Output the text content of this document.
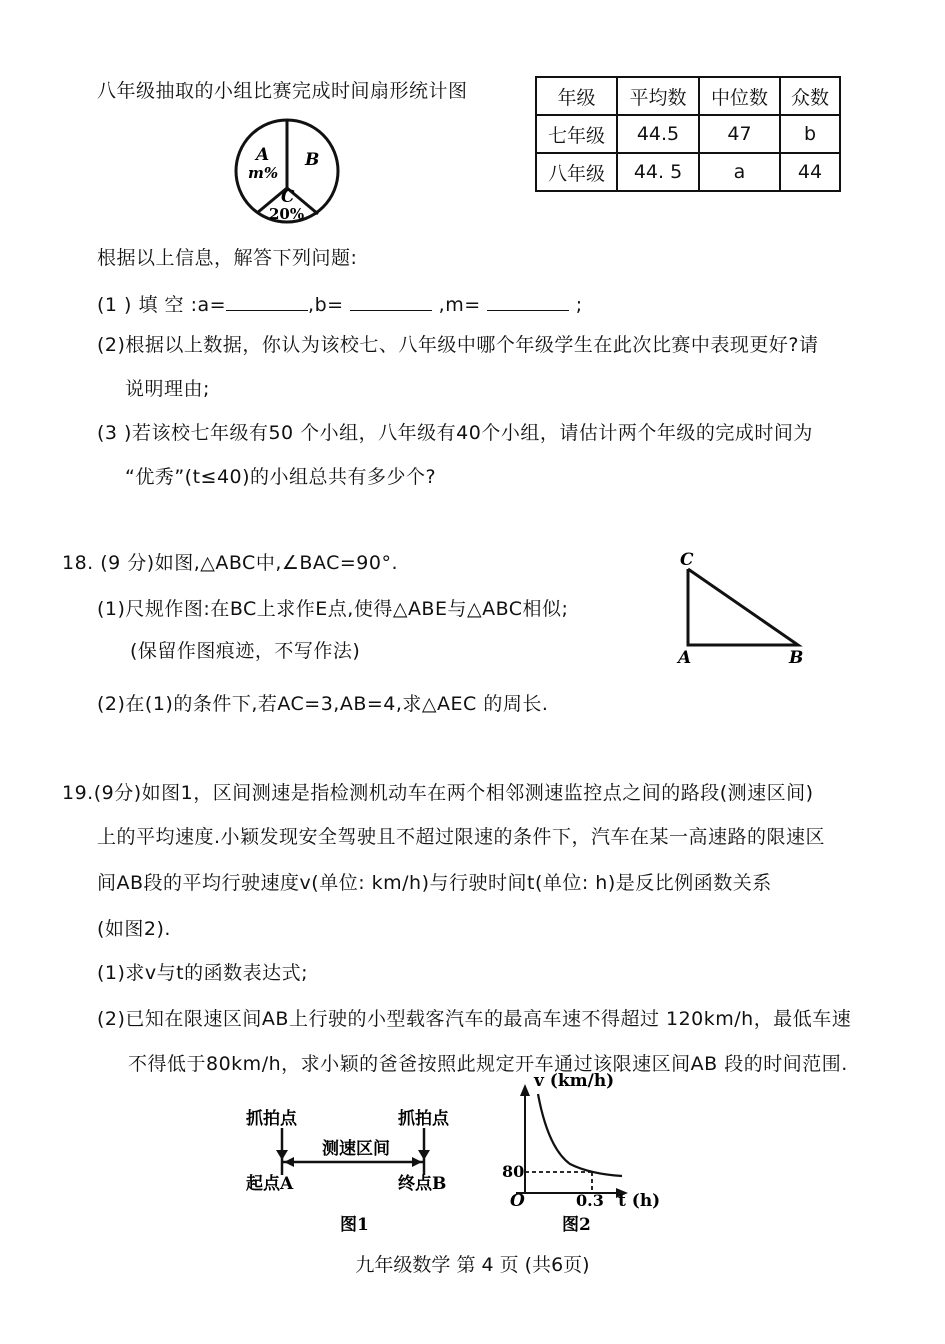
八年级抽取的小组比赛完成时间扇形统计图
A
m%
B
C
20%
年级	平均数	中位数	众数
七年级	44.5	47	b
八年级	44. 5	a	44
根据以上信息，解答下列问题:
(1 ) 填 空 :a=	,b=	,m=	;
(2)根据以上数据，你认为该校七、八年级中哪个年级学生在此次比赛中表现更好?请
说明理由;
(3 )若该校七年级有50 个小组，八年级有40个小组，请估计两个年级的完成时间为
“优秀”(t≤40)的小组总共有多少个?
18. (9 分)如图,△ABC中,∠BAC=90°.
(1)尺规作图:在BC上求作E点,使得△ABE与△ABC相似;
(保留作图痕迹，不写作法)
(2)在(1)的条件下,若AC=3,AB=4,求△AEC 的周长.
C
A	B
19.(9分)如图1，区间测速是指检测机动车在两个相邻测速监控点之间的路段(测速区间)
上的平均速度.小颖发现安全驾驶且不超过限速的条件下，汽车在某一高速路的限速区
间AB段的平均行驶速度v(单位: km/h)与行驶时间t(单位: h)是反比例函数关系
(如图2).
(1)求v与t的函数表达式;
(2)已知在限速区间AB上行驶的小型载客汽车的最高车速不得超过 120km/h，最低车速
不得低于80km/h，求小颖的爸爸按照此规定开车通过该限速区间AB 段的时间范围.
抓拍点	抓拍点
测速区间
起点A	终点B
图1
v (km/h)
t (h)
O
80
0.3
图2
九年级数学 第 4 页 (共6页)
